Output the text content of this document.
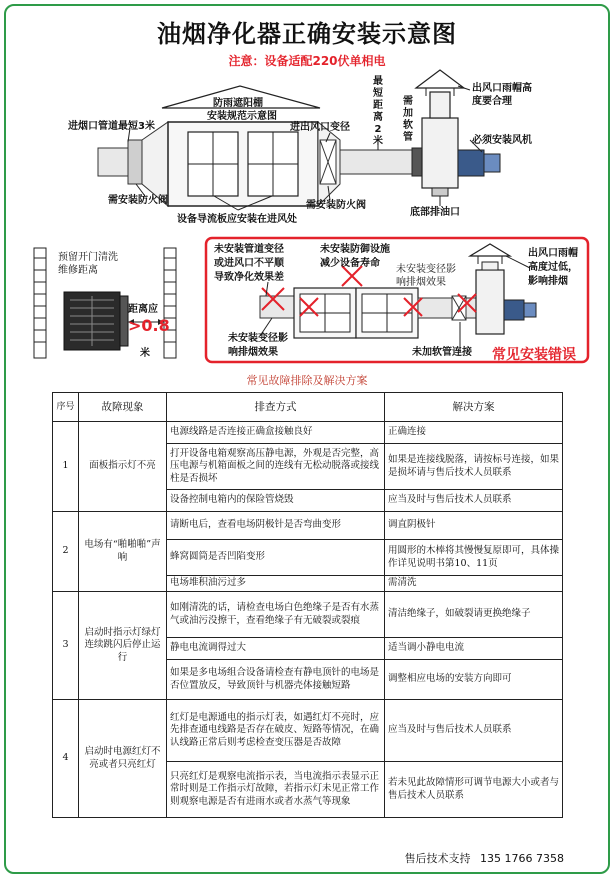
油烟净化器正确安装示意图
注意：设备适配220伏单相电
进烟口管道最短3米
防雨遮阳棚
安装规范示意图
进出风口变径
最短距离2米
需加软管
出风口雨帽高
度要合理
必须安装风机
需安装防火阀	需安装防火阀
设备导流板应安装在进风处
底部排油口
预留开门清洗
维修距离
距离应
>0.8
米
未安装管道变径
或进风口不平顺
导致净化效果差
未安装防御设施
减少设备寿命
未安装变径影
响排烟效果
出风口雨帽
高度过低，
影响排烟
未安装变径影
响排烟效果	未加软管连接 常见安装错误
常见故障排除及解决方案
序号	故障现象	排查方式	解决方案
1	面板指示灯不亮	电源线路是否连接正确盒接触良好	正确连接
		打开设备电箱观察高压静电源，外观是否完整，高压电源与机箱面板之间的连线有无松动脱落或接线柱是否损坏	如果是连接线脱落，请按标号连接，如果是损坏请与售后技术人员联系
		设备控制电箱内的保险管烧毁	应当及时与售后技术人员联系
2	电场有“啪啪啪”声响	请断电后，查看电场阴极针是否弯曲变形	调直阴极针
		蜂窝圆筒是否凹陷变形	用圆形的木棒将其慢慢复原即可，具体操作详见说明书第10、11页
		电场堆积油污过多	需清洗
3	启动时指示灯绿灯连续跳闪后停止运行	如刚清洗的话，请检查电场白色绝缘子是否有水蒸气或油污没擦干，查看绝缘子有无破裂或裂痕	清洁绝缘子，如破裂请更换绝缘子
		静电电流调得过大	适当调小静电电流
		如果是多电场组合设备请检查有静电顶针的电场是否位置放反，导致顶针与机器壳体接触短路	调整相应电场的安装方向即可
4	启动时电源红灯不亮或者只亮红灯	红灯是电源通电的指示灯表，如遇红灯不亮时，应先排查通电线路是否存在破皮、短路等情况，在确认线路正常后则考虑检查变压器是否故障	应当及时与售后技术人员联系
		只亮红灯是观察电流指示表，当电流指示表显示正常时则是工作指示灯故障，若指示灯未见正常工作则观察电源是否有进雨水或者水蒸气等现象	若未见此故障情形可调节电源大小或者与售后技术人员联系
售后技术支持 135 1766 7358
